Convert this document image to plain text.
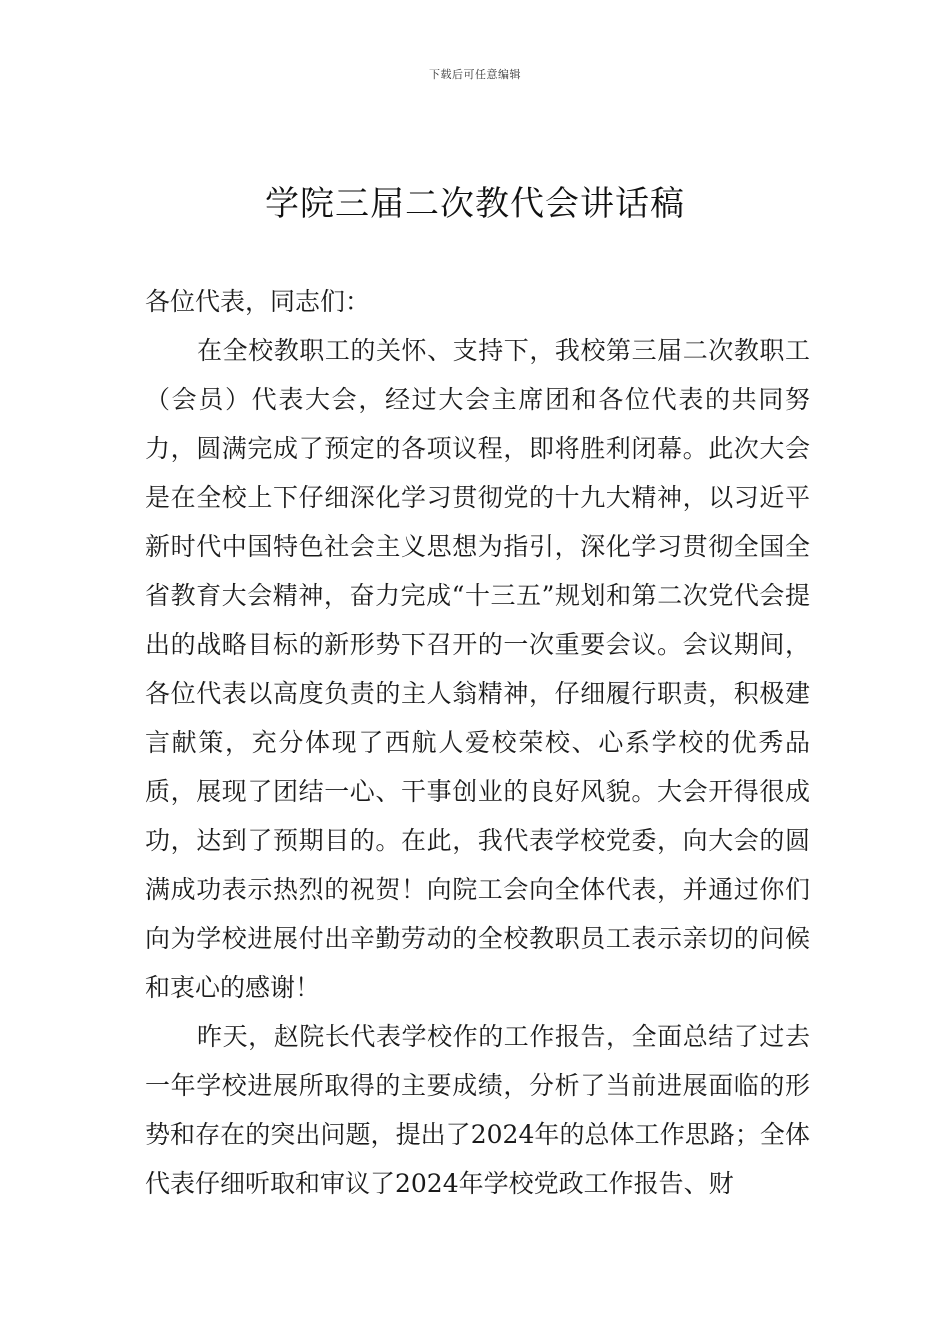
下载后可任意编辑
学院三届二次教代会讲话稿

各位代表，同志们：

在全校教职工的关怀、支持下，我校第三届二次教职工（会员）代表大会，经过大会主席团和各位代表的共同努力，圆满完成了预定的各项议程，即将胜利闭幕。此次大会是在全校上下仔细深化学习贯彻党的十九大精神，以习近平新时代中国特色社会主义思想为指引，深化学习贯彻全国全省教育大会精神，奋力完成“十三五”规划和第二次党代会提出的战略目标的新形势下召开的一次重要会议。会议期间，各位代表以高度负责的主人翁精神，仔细履行职责，积极建言献策，充分体现了西航人爱校荣校、心系学校的优秀品质，展现了团结一心、干事创业的良好风貌。大会开得很成功，达到了预期目的。在此，我代表学校党委，向大会的圆满成功表示热烈的祝贺！向院工会向全体代表，并通过你们向为学校进展付出辛勤劳动的全校教职员工表示亲切的问候和衷心的感谢！

昨天，赵院长代表学校作的工作报告，全面总结了过去一年学校进展所取得的主要成绩，分析了当前进展面临的形势和存在的突出问题，提出了2024年的总体工作思路；全体代表仔细听取和审议了2024年学校党政工作报告、财
